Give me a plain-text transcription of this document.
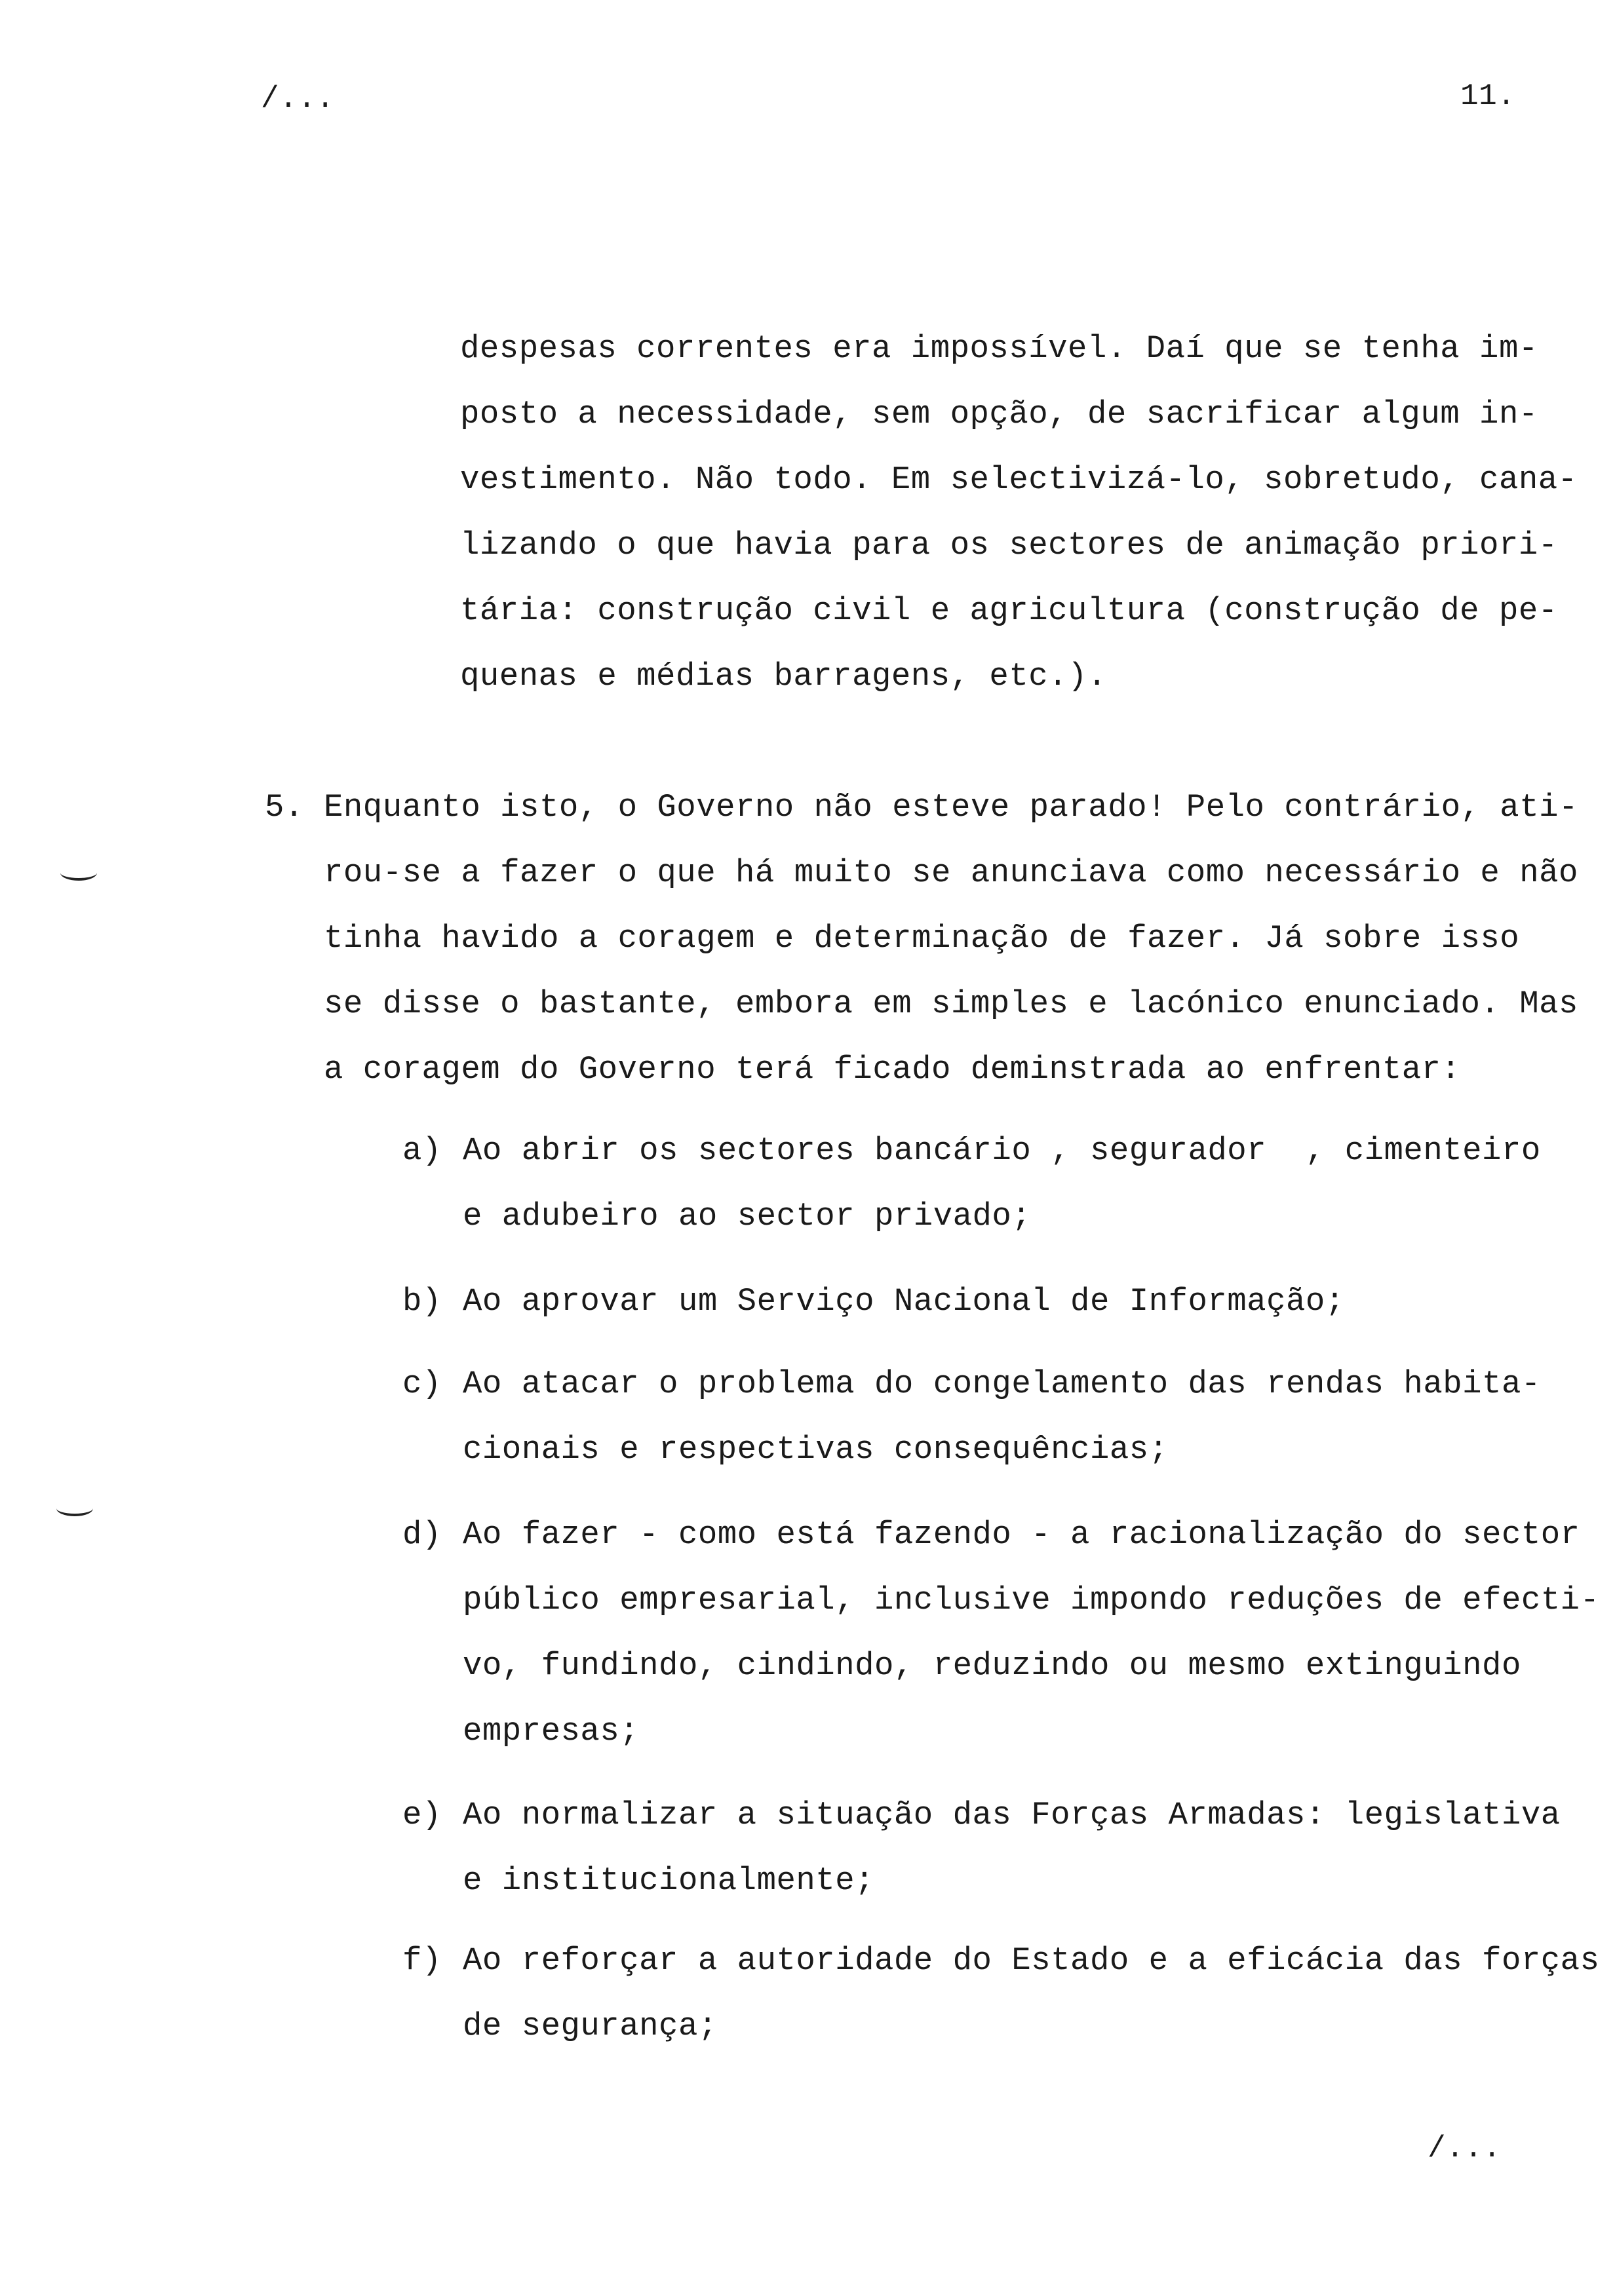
/...	11.
despesas correntes era impossível. Daí que se tenha im-
posto a necessidade, sem opção, de sacrificar algum in-
vestimento. Não todo. Em selectivizá-lo, sobretudo, cana-
lizando o que havia para os sectores de animação priori-
tária: construção civil e agricultura (construção de pe-
quenas e médias barragens, etc.).
5. Enquanto isto, o Governo não esteve parado! Pelo contrário, ati-
rou-se a fazer o que há muito se anunciava como necessário e não
tinha havido a coragem e determinação de fazer. Já sobre isso
se disse o bastante, embora em simples e lacónico enunciado. Mas
a coragem do Governo terá ficado deminstrada ao enfrentar:
a) Ao abrir os sectores bancário , segurador  , cimenteiro
e adubeiro ao sector privado;
b) Ao aprovar um Serviço Nacional de Informação;
c) Ao atacar o problema do congelamento das rendas habita-
cionais e respectivas consequências;
d) Ao fazer - como está fazendo - a racionalização do sector
público empresarial, inclusive impondo reduções de efecti-
vo, fundindo, cindindo, reduzindo ou mesmo extinguindo
empresas;
e) Ao normalizar a situação das Forças Armadas: legislativa
e institucionalmente;
f) Ao reforçar a autoridade do Estado e a eficácia das forças
de segurança;
/...
